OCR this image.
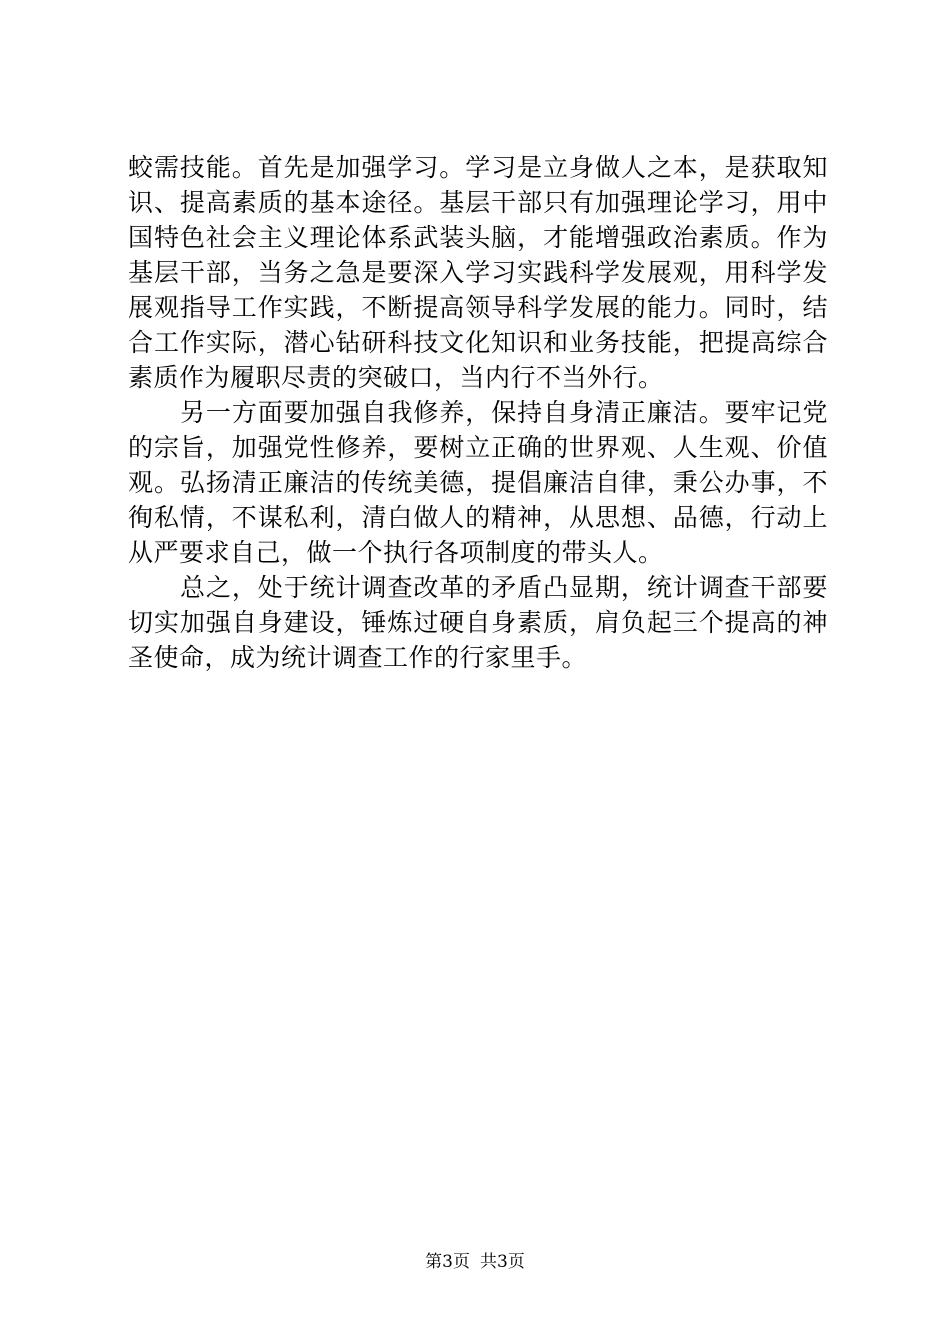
蛟需技能。首先是加强学习。学习是立身做人之本，是获取知
识、提高素质的基本途径。基层干部只有加强理论学习，用中
国特色社会主义理论体系武装头脑，才能增强政治素质。作为
基层干部，当务之急是要深入学习实践科学发展观，用科学发
展观指导工作实践，不断提高领导科学发展的能力。同时，结
合工作实际，潜心钻研科技文化知识和业务技能，把提高综合
素质作为履职尽责的突破口，当内行不当外行。
另一方面要加强自我修养，保持自身清正廉洁。要牢记党
的宗旨，加强党性修养，要树立正确的世界观、人生观、价值
观。弘扬清正廉洁的传统美德，提倡廉洁自律，秉公办事，不
徇私情，不谋私利，清白做人的精神，从思想、品德，行动上
从严要求自己，做一个执行各项制度的带头人。
总之，处于统计调查改革的矛盾凸显期，统计调查干部要
切实加强自身建设，锤炼过硬自身素质，肩负起三个提高的神
圣使命，成为统计调查工作的行家里手。
第3页 共3页
